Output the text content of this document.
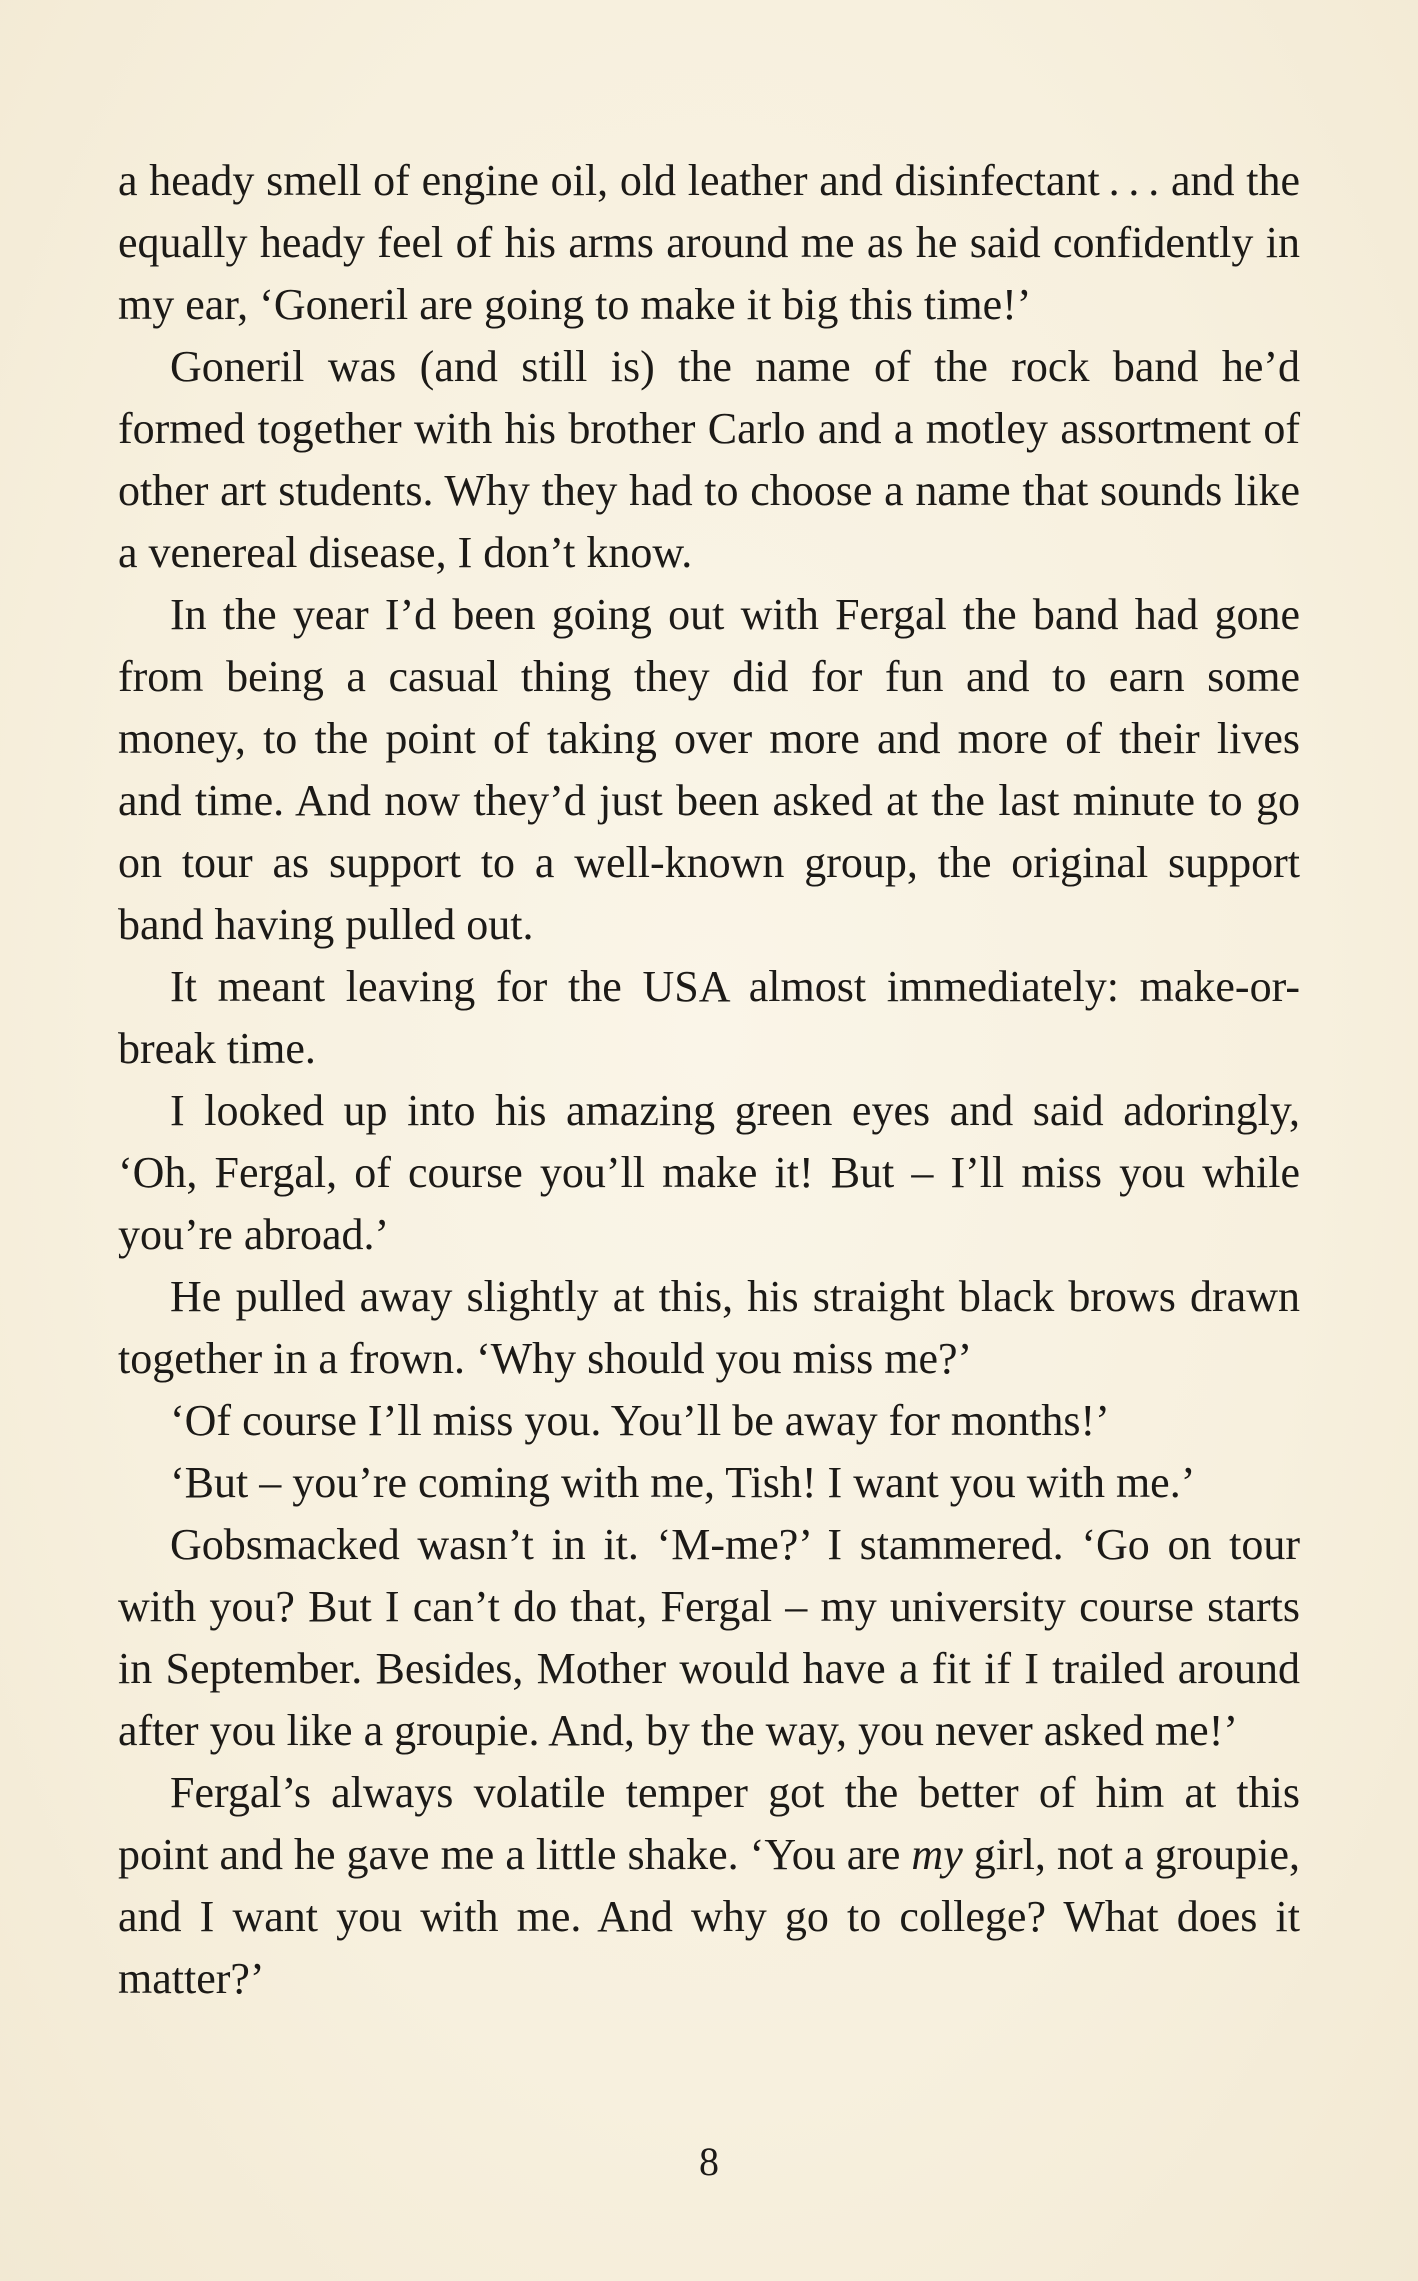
a heady smell of engine oil, old leather and disinfectant . . . and the equally heady feel of his arms around me as he said confidently in my ear, ‘Goneril are going to make it big this time!’

Goneril was (and still is) the name of the rock band he’d formed together with his brother Carlo and a motley assortment of other art students. Why they had to choose a name that sounds like a venereal disease, I don’t know.

In the year I’d been going out with Fergal the band had gone from being a casual thing they did for fun and to earn some money, to the point of taking over more and more of their lives and time. And now they’d just been asked at the last minute to go on tour as support to a well-known group, the original support band having pulled out.

It meant leaving for the USA almost immediately: make-or-break time.

I looked up into his amazing green eyes and said adoringly, ‘Oh, Fergal, of course you’ll make it! But – I’ll miss you while you’re abroad.’

He pulled away slightly at this, his straight black brows drawn together in a frown. ‘Why should you miss me?’

‘Of course I’ll miss you. You’ll be away for months!’

‘But – you’re coming with me, Tish! I want you with me.’

Gobsmacked wasn’t in it. ‘M-me?’ I stammered. ‘Go on tour with you? But I can’t do that, Fergal – my university course starts in September. Besides, Mother would have a fit if I trailed around after you like a groupie. And, by the way, you never asked me!’

Fergal’s always volatile temper got the better of him at this point and he gave me a little shake. ‘You are my girl, not a groupie, and I want you with me. And why go to college? What does it matter?’

8
